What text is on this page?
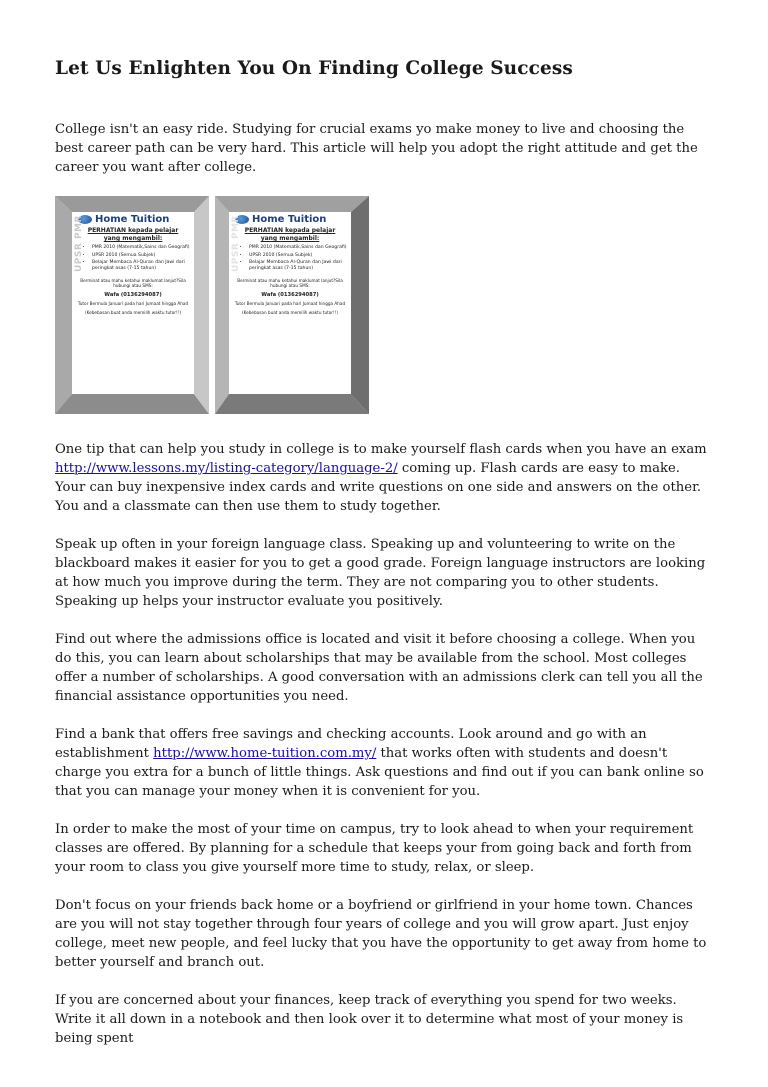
Let Us Enlighten You On Finding College Success

College isn't an easy ride. Studying for crucial exams yo make money to live and choosing the best career path can be very hard. This article will help you adopt the right attitude and get the career you want after college.

UPSR PMR Home Tuition
PERHATIAN kepada pelajar
yang mengambil:
• PMR 2010 (Matematik,Sains dan Geografi)
• UPSR 2010 (Semua Subjek)
• Belajar Membaca Al-Quran dan Jawi dari peringkat asas (7-15 tahun)
Berminat atau mahu ketahui maklumat lanjut?Sila hubungi atau SMS:
Wafa (0136294087)
Tutor Bermula Januari pada hari Jumaat hingga Ahad
(Kebebasan buat anda memilih waktu tutor!!)
UPSR PMR Home Tuition
PERHATIAN kepada pelajar
yang mengambil:
• PMR 2010 (Matematik,Sains dan Geografi)
• UPSR 2010 (Semua Subjek)
• Belajar Membaca Al-Quran dan Jawi dari peringkat asas (7-15 tahun)
Berminat atau mahu ketahui maklumat lanjut?Sila hubungi atau SMS:
Wafa (0136294087)
Tutor Bermula Januari pada hari Jumaat hingga Ahad
(Kebebasan buat anda memilih waktu tutor!!)

One tip that can help you study in college is to make yourself flash cards when you have an exam http://www.lessons.my/listing-category/language-2/ coming up. Flash cards are easy to make. Your can buy inexpensive index cards and write questions on one side and answers on the other. You and a classmate can then use them to study together.

Speak up often in your foreign language class. Speaking up and volunteering to write on the blackboard makes it easier for you to get a good grade. Foreign language instructors are looking at how much you improve during the term. They are not comparing you to other students. Speaking up helps your instructor evaluate you positively.

Find out where the admissions office is located and visit it before choosing a college. When you do this, you can learn about scholarships that may be available from the school. Most colleges offer a number of scholarships. A good conversation with an admissions clerk can tell you all the financial assistance opportunities you need.

Find a bank that offers free savings and checking accounts. Look around and go with an establishment http://www.home-tuition.com.my/ that works often with students and doesn't charge you extra for a bunch of little things. Ask questions and find out if you can bank online so that you can manage your money when it is convenient for you.

In order to make the most of your time on campus, try to look ahead to when your requirement classes are offered. By planning for a schedule that keeps your from going back and forth from your room to class you give yourself more time to study, relax, or sleep.

Don't focus on your friends back home or a boyfriend or girlfriend in your home town. Chances are you will not stay together through four years of college and you will grow apart. Just enjoy college, meet new people, and feel lucky that you have the opportunity to get away from home to better yourself and branch out.

If you are concerned about your finances, keep track of everything you spend for two weeks. Write it all down in a notebook and then look over it to determine what most of your money is being spent
